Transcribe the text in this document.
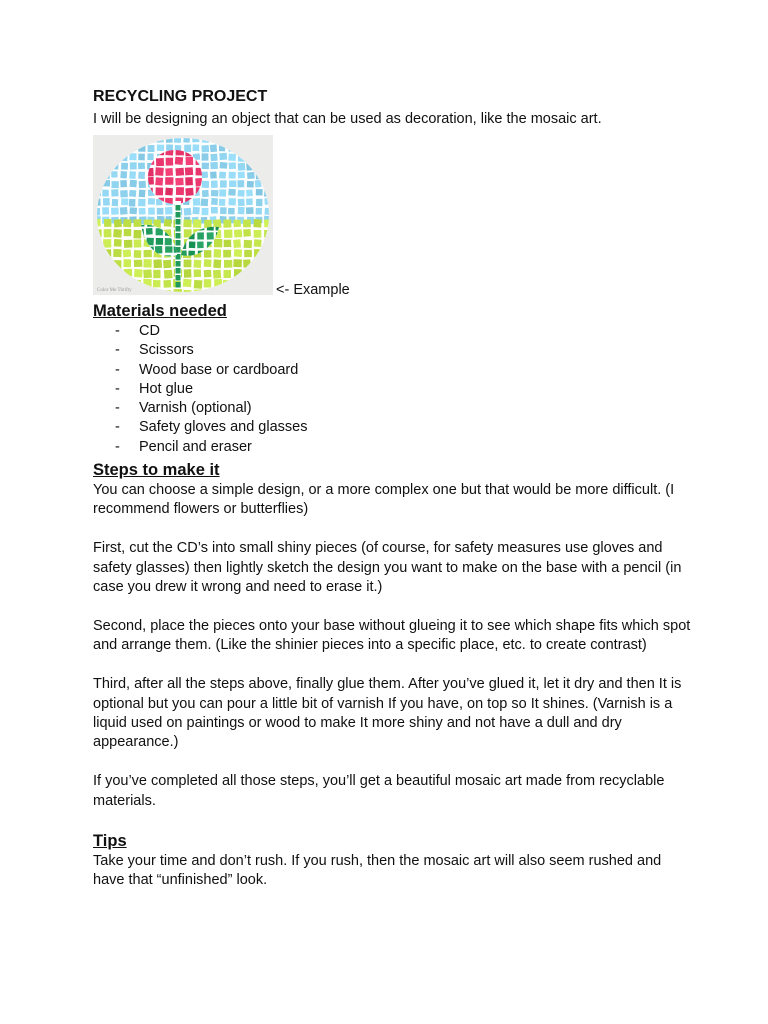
RECYCLING PROJECT

I will be designing an object that can be used as decoration, like the mosaic art.

Color Me Thrifty	<- Example
Materials needed
-	CD
-	Scissors
-	Wood base or cardboard
-	Hot glue
-	Varnish (optional)
-	Safety gloves and glasses
-	Pencil and eraser
Steps to make it

You can choose a simple design, or a more complex one but that would be more difficult. (I recommend flowers or butterflies)

First, cut the CD’s into small shiny pieces (of course, for safety measures use gloves and safety glasses) then lightly sketch the design you want to make on the base with a pencil (in case you drew it wrong and need to erase it.)

Second, place the pieces onto your base without glueing it to see which shape fits which spot and arrange them. (Like the shinier pieces into a specific place, etc. to create contrast)

Third, after all the steps above, finally glue them. After you’ve glued it, let it dry and then It is optional but you can pour a little bit of varnish If you have, on top so It shines. (Varnish is a liquid used on paintings or wood to make It more shiny and not have a dull and dry appearance.)

If you’ve completed all those steps, you’ll get a beautiful mosaic art made from recyclable materials.

Tips

Take your time and don’t rush. If you rush, then the mosaic art will also seem rushed and have that “unfinished” look.
